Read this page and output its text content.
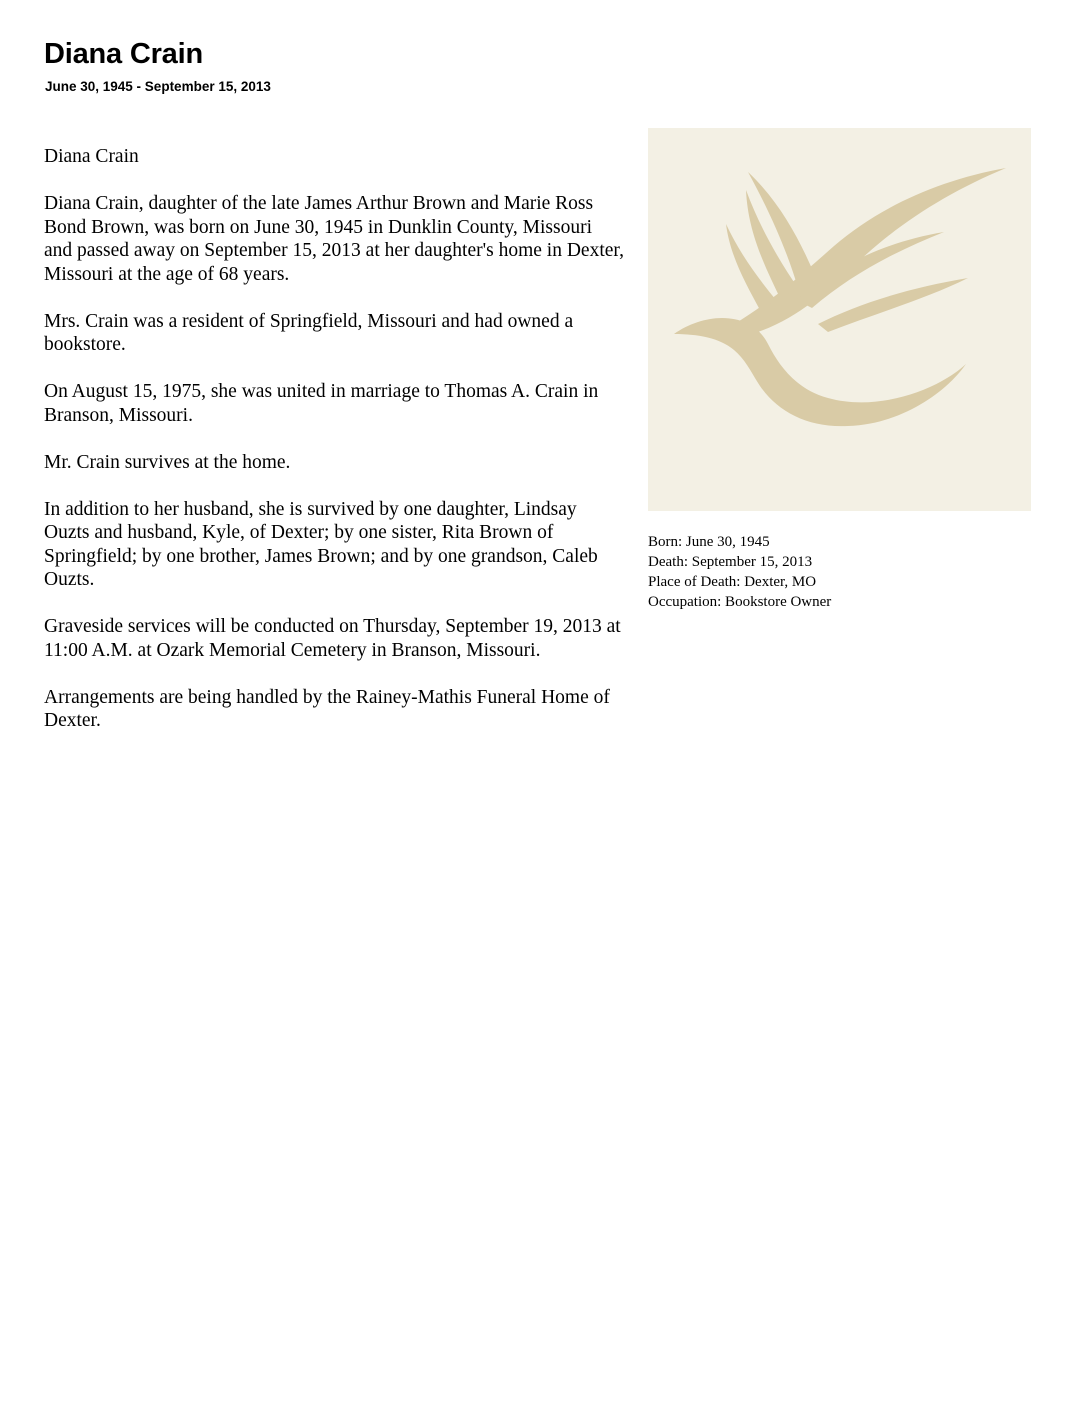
Diana Crain
June 30, 1945 - September 15, 2013

Diana Crain

Diana Crain, daughter of the late James Arthur Brown and Marie Ross Bond Brown, was born on June 30, 1945 in Dunklin County, Missouri and passed away on September 15, 2013 at her daughter's home in Dexter, Missouri at the age of 68 years.

Mrs. Crain was a resident of Springfield, Missouri and had owned a bookstore.

On August 15, 1975, she was united in marriage to Thomas A. Crain in Branson, Missouri.

Mr. Crain survives at the home.

In addition to her husband, she is survived by one daughter, Lindsay Ouzts and husband, Kyle, of Dexter; by one sister, Rita Brown of Springfield; by one brother, James Brown; and by one grandson, Caleb Ouzts.

Graveside services will be conducted on Thursday, September 19, 2013 at 11:00 A.M. at Ozark Memorial Cemetery in Branson, Missouri.

Arrangements are being handled by the Rainey-Mathis Funeral Home of Dexter.

Born: June 30, 1945
Death: September 15, 2013
Place of Death: Dexter, MO
Occupation: Bookstore Owner
